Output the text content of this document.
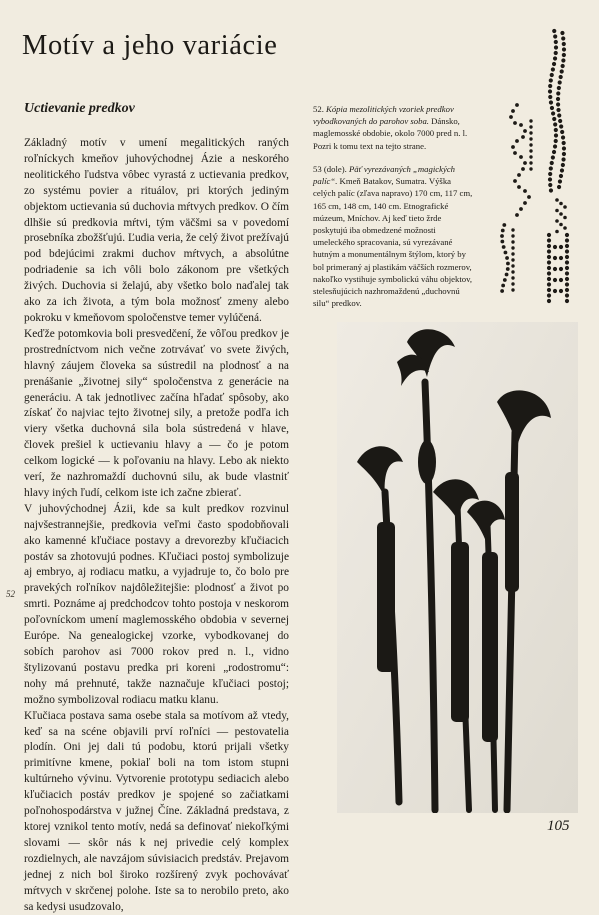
Motív a jeho variácie
Uctievanie predkov
52

Základný motív v umení megalitických raných roľníckych kmeňov juhovýchodnej Ázie a neskorého neolitického ľudstva vôbec vyrastá z uctievania predkov, zo systému povier a rituálov, pri ktorých jediným objektom uctievania sú duchovia mŕtvych predkov. O čím dlhšie sú predkovia mŕtvi, tým väčšmi sa v povedomí prosebníka zbožšťujú. Ľudia veria, že celý život prežívajú pod bdejúcimi zrakmi duchov mŕtvych, a absolútne podriadenie sa ich vôli bolo zákonom pre všetkých živých. Duchovia si želajú, aby všetko bolo naďalej tak ako za ich života, a tým bola možnosť zmeny alebo pokroku v kmeňovom spoločenstve temer vylúčená.

Keďže potomkovia boli presvedčení, že vôľou predkov je prostredníctvom nich večne zotrvávať vo svete živých, hlavný záujem človeka sa sústredil na plodnosť a na prenášanie „životnej sily“ spoločenstva z generácie na generáciu. A tak jednotlivec začína hľadať spôsoby, ako získať čo najviac tejto životnej sily, a pretože podľa ich viery všetka duchovná sila bola sústredená v hlave, človek prešiel k uctievaniu hlavy a — čo je potom celkom logické — k poľovaniu na hlavy. Lebo ak niekto verí, že nazhromaždí duchovnú silu, ak bude vlastniť hlavy iných ľudí, celkom iste ich začne zbierať.

V juhovýchodnej Ázii, kde sa kult predkov rozvinul najvšestrannejšie, predkovia veľmi často spodobňovali ako kamenné kľučiace postavy a drevorezby kľučiacich postáv sa zhotovujú podnes. Kľučiaci postoj symbolizuje aj embryo, aj rodiacu matku, a vyjadruje to, čo bolo pre pravekých roľníkov najdôležitejšie: plodnosť a život po smrti. Poznáme aj predchodcov tohto postoja v neskorom poľovníckom umení maglemosského obdobia v severnej Európe. Na genealogickej vzorke, vybodkovanej do sobích parohov asi 7000 rokov pred n. l., vidno štylizovanú postavu predka pri koreni „rodostromu“: nohy má prehnuté, takže naznačuje kľučiaci postoj; možno symbolizoval rodiacu matku klanu.

Kľučiaca postava sama osebe stala sa motívom až vtedy, keď sa na scéne objavili prví roľníci — pestovatelia plodín. Oni jej dali tú podobu, ktorú prijali všetky primitívne kmene, pokiaľ boli na tom istom stupni kultúrneho vývinu. Vytvorenie prototypu sediacich alebo kľučiacich postáv predkov je spojené so začiatkami poľnohospodárstva v južnej Číne. Základná predstava, z ktorej vznikol tento motív, nedá sa definovať niekoľkými slovami — skôr nás k nej privedie celý komplex rozdielnych, ale navzájom súvisiacich predstáv. Prejavom jednej z nich bol široko rozšírený zvyk pochovávať mŕtvych v skrčenej polohe. Iste sa to nerobilo preto, ako sa kedysi usudzovalo,

52. Kópia mezolitických vzoriek predkov vybodkovaných do parohov soba. Dánsko, maglemosské obdobie, okolo 7000 pred n. l. Pozri k tomu text na tejto strane.
53 (dole). Päť vyrezávaných „magických palíc“. Kmeň Batakov, Sumatra. Výška celých palíc (zľava napravo) 170 cm, 117 cm, 165 cm, 148 cm, 140 cm. Etnografické múzeum, Mníchov. Aj keď tieto žrde poskytujú iba obmedzené možnosti umeleckého spracovania, sú vyrezávané hutným a monumentálnym štýlom, ktorý by bol primeraný aj plastikám väčších rozmerov, nakoľko vystihuje symbolickú váhu objektov, stelesňujúcich nazhromaždenú „duchovnú silu“ predkov.
105
